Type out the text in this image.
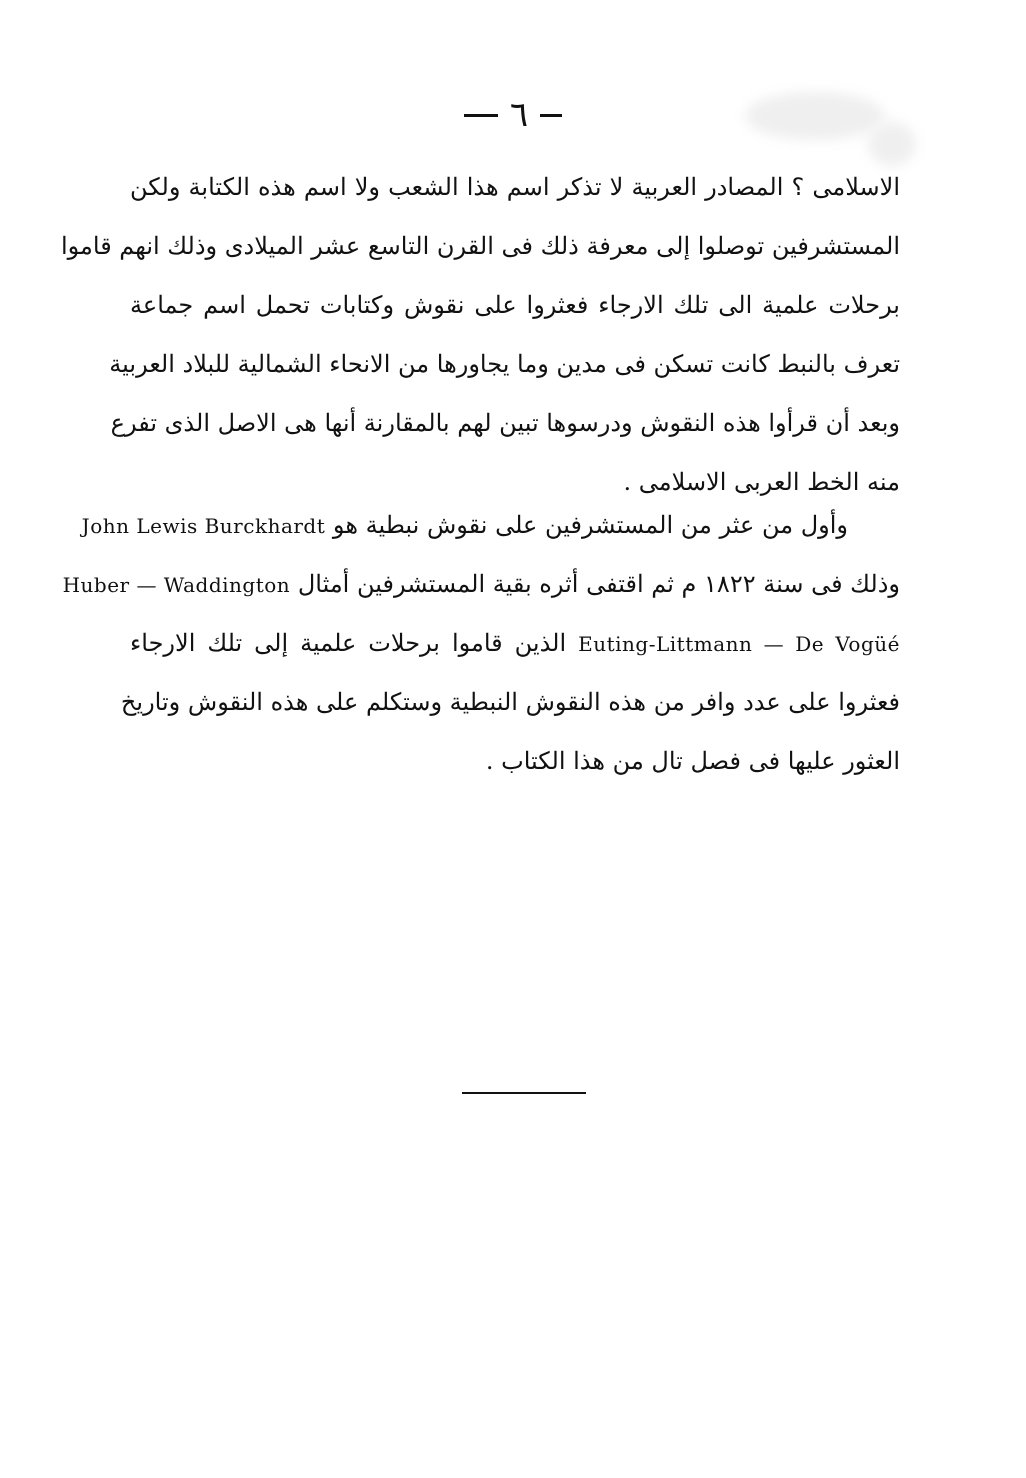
٦
الاسلامى ؟ المصادر العربية لا تذكر اسم هذا الشعب ولا اسم هذه الكتابة ولكن
المستشرفين توصلوا إلى معرفة ذلك فى القرن التاسع عشر الميلادى وذلك انهم قاموا
برحلات علمية الى تلك الارجاء فعثروا على نقوش وكتابات تحمل اسم جماعة
تعرف بالنبط كانت تسكن فى مدين وما يجاورها من الانحاء الشمالية للبلاد العربية
وبعد أن قرأوا هذه النقوش ودرسوها تبين لهم بالمقارنة أنها هى الاصل الذى تفرع
منه الخط العربى الاسلامى .
وأول من عثر من المستشرفين على نقوش نبطية هو John Lewis Burckhardt
وذلك فى سنة ١٨٢٢ م ثم اقتفى أثره بقية المستشرفين أمثال Huber — Waddington
Euting-Littmann — De Vogüé الذين قاموا برحلات علمية إلى تلك الارجاء
فعثروا على عدد وافر من هذه النقوش النبطية وستكلم على هذه النقوش وتاريخ
العثور عليها فى فصل تال من هذا الكتاب .
